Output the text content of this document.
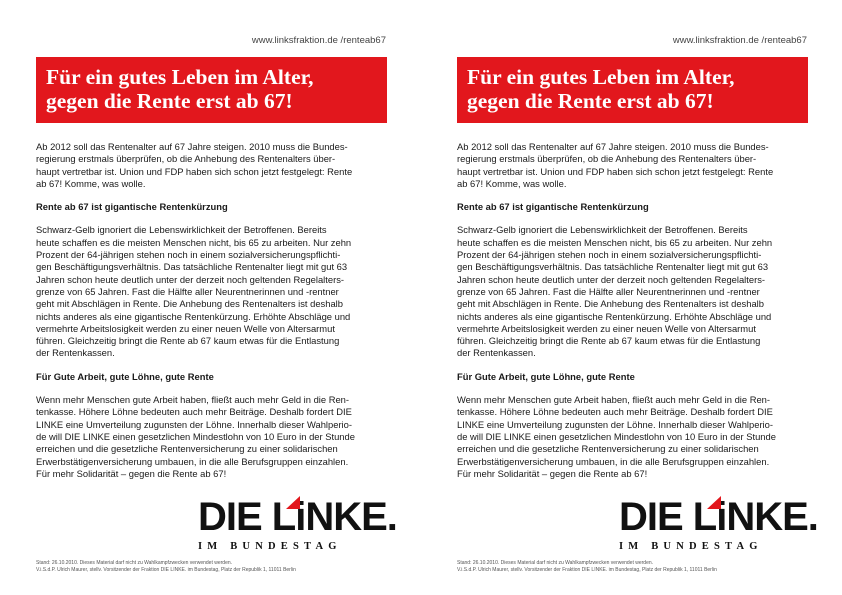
www.linksfraktion.de /renteab67
Für ein gutes Leben im Alter,
gegen die Rente erst ab 67!

Ab 2012 soll das Rentenalter auf 67 Jahre steigen. 2010 muss die Bundes-
regierung erstmals überprüfen, ob die Anhebung des Rentenalters über-
haupt vertretbar ist. Union und FDP haben sich schon jetzt festgelegt: Rente
ab 67! Komme, was wolle.

Rente ab 67 ist gigantische Rentenkürzung

Schwarz-Gelb ignoriert die Lebenswirklichkeit der Betroffenen. Bereits
heute schaffen es die meisten Menschen nicht, bis 65 zu arbeiten. Nur zehn
Prozent der 64-jährigen stehen noch in einem sozialversicherungspflichti-
gen Beschäftigungsverhältnis. Das tatsächliche Rentenalter liegt mit gut 63
Jahren schon heute deutlich unter der derzeit noch geltenden Regelalters-
grenze von 65 Jahren. Fast die Hälfte aller Neurentnerinnen und -rentner
geht mit Abschlägen in Rente. Die Anhebung des Rentenalters ist deshalb
nichts anderes als eine gigantische Rentenkürzung. Erhöhte Abschläge und
vermehrte Arbeitslosigkeit werden zu einer neuen Welle von Altersarmut
führen. Gleichzeitig bringt die Rente ab 67 kaum etwas für die Entlastung
der Rentenkassen.

Für Gute Arbeit, gute Löhne, gute Rente

Wenn mehr Menschen gute Arbeit haben, fließt auch mehr Geld in die Ren-
tenkasse. Höhere Löhne bedeuten auch mehr Beiträge. Deshalb fordert DIE
LINKE eine Umverteilung zugunsten der Löhne. Innerhalb dieser Wahlperio-
de will DIE LINKE einen gesetzlichen Mindestlohn von 10 Euro in der Stunde
erreichen und die gesetzliche Rentenversicherung zu einer solidarischen
Erwerbstätigenversicherung umbauen, in die alle Berufsgruppen einzahlen.
Für mehr Solidarität – gegen die Rente ab 67!

DIE LiNKE.
IM BUNDESTAG
Stand: 26.10.2010. Dieses Material darf nicht zu Wahlkampfzwecken verwendet werden.
V.i.S.d.P. Ulrich Maurer, stellv. Vorsitzender der Fraktion DIE LINKE. im Bundestag, Platz der Republik 1, 11011 Berlin
www.linksfraktion.de /renteab67
Für ein gutes Leben im Alter,
gegen die Rente erst ab 67!

Ab 2012 soll das Rentenalter auf 67 Jahre steigen. 2010 muss die Bundes-
regierung erstmals überprüfen, ob die Anhebung des Rentenalters über-
haupt vertretbar ist. Union und FDP haben sich schon jetzt festgelegt: Rente
ab 67! Komme, was wolle.

Rente ab 67 ist gigantische Rentenkürzung

Schwarz-Gelb ignoriert die Lebenswirklichkeit der Betroffenen. Bereits
heute schaffen es die meisten Menschen nicht, bis 65 zu arbeiten. Nur zehn
Prozent der 64-jährigen stehen noch in einem sozialversicherungspflichti-
gen Beschäftigungsverhältnis. Das tatsächliche Rentenalter liegt mit gut 63
Jahren schon heute deutlich unter der derzeit noch geltenden Regelalters-
grenze von 65 Jahren. Fast die Hälfte aller Neurentnerinnen und -rentner
geht mit Abschlägen in Rente. Die Anhebung des Rentenalters ist deshalb
nichts anderes als eine gigantische Rentenkürzung. Erhöhte Abschläge und
vermehrte Arbeitslosigkeit werden zu einer neuen Welle von Altersarmut
führen. Gleichzeitig bringt die Rente ab 67 kaum etwas für die Entlastung
der Rentenkassen.

Für Gute Arbeit, gute Löhne, gute Rente

Wenn mehr Menschen gute Arbeit haben, fließt auch mehr Geld in die Ren-
tenkasse. Höhere Löhne bedeuten auch mehr Beiträge. Deshalb fordert DIE
LINKE eine Umverteilung zugunsten der Löhne. Innerhalb dieser Wahlperio-
de will DIE LINKE einen gesetzlichen Mindestlohn von 10 Euro in der Stunde
erreichen und die gesetzliche Rentenversicherung zu einer solidarischen
Erwerbstätigenversicherung umbauen, in die alle Berufsgruppen einzahlen.
Für mehr Solidarität – gegen die Rente ab 67!

DIE LiNKE.
IM BUNDESTAG
Stand: 26.10.2010. Dieses Material darf nicht zu Wahlkampfzwecken verwendet werden.
V.i.S.d.P. Ulrich Maurer, stellv. Vorsitzender der Fraktion DIE LINKE. im Bundestag, Platz der Republik 1, 11011 Berlin
